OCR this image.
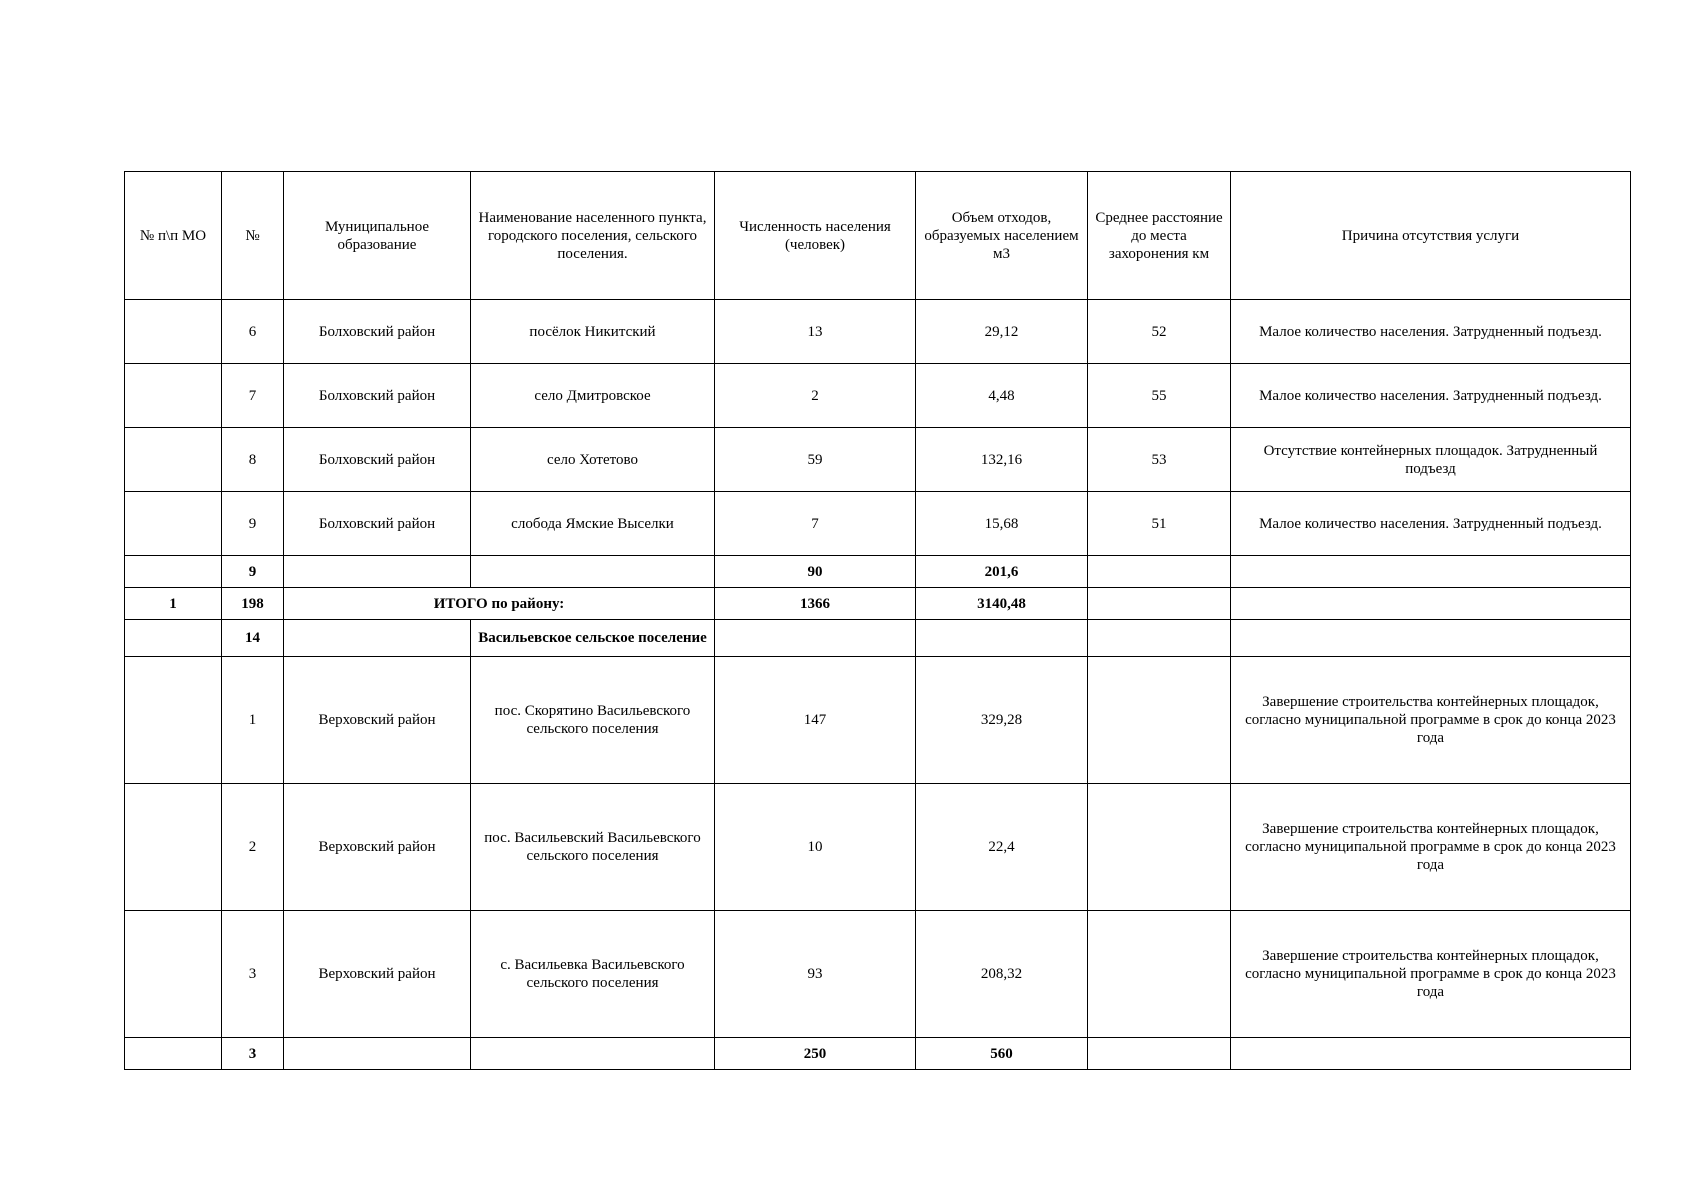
№ п\п МО	№	Муниципальное образование	Наименование населенного пункта, городского поселения, сельского поселения.	Численность населения (человек)	Объем отходов, образуемых населением м3	Среднее расстояние до места захоронения км	Причина отсутствия услуги
	6	Болховский район	посёлок Никитский	13	29,12	52	Малое количество населения. Затрудненный подъезд.
	7	Болховский район	село Дмитровское	2	4,48	55	Малое количество населения. Затрудненный подъезд.
	8	Болховский район	село Хотетово	59	132,16	53	Отсутствие контейнерных площадок. Затрудненный подъезд
	9	Болховский район	слобода Ямские Выселки	7	15,68	51	Малое количество населения. Затрудненный подъезд.
	9			90	201,6		
1	198	ИТОГО по району:		1366	3140,48		
	14		Васильевское сельское поселение				
	1	Верховский район	пос. Скорятино Васильевского сельского поселения	147	329,28		Завершение строительства контейнерных площадок, согласно муниципальной программе в срок до конца 2023 года
	2	Верховский район	пос. Васильевский Васильевского сельского поселения	10	22,4		Завершение строительства контейнерных площадок, согласно муниципальной программе в срок до конца 2023 года
	3	Верховский район	с. Васильевка Васильевского сельского поселения	93	208,32		Завершение строительства контейнерных площадок, согласно муниципальной программе в срок до конца 2023 года
	3			250	560		
